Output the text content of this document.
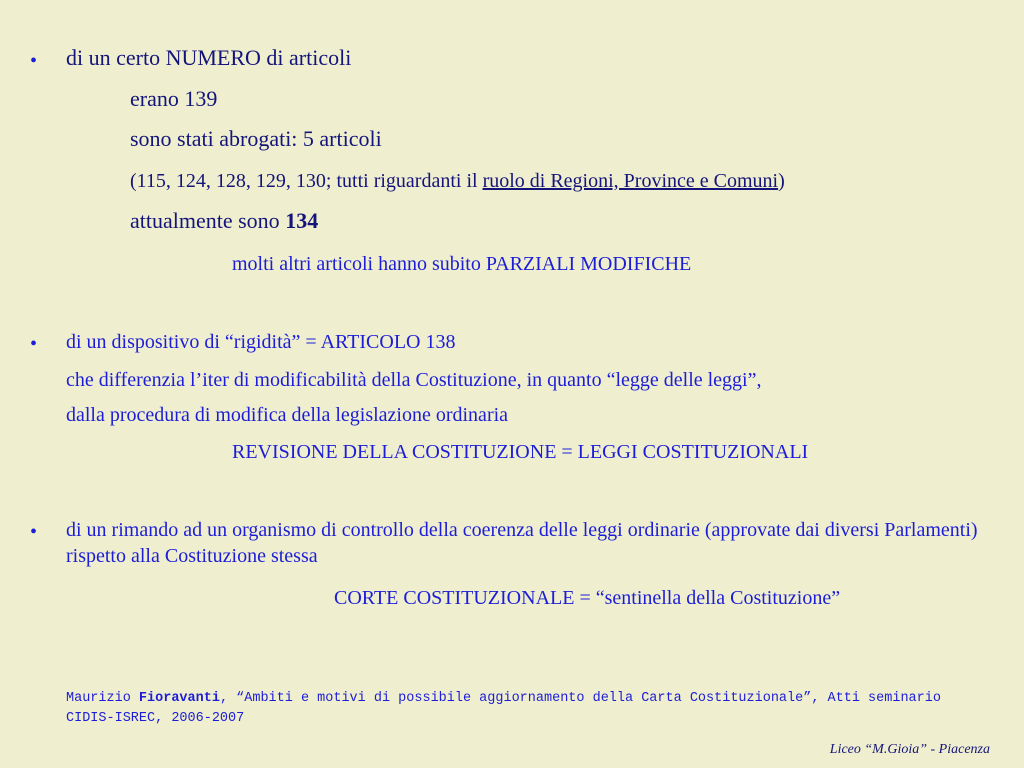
• di un certo NUMERO di articoli
erano 139
sono stati abrogati: 5 articoli
(115, 124, 128, 129, 130; tutti riguardanti il ruolo di Regioni, Province e Comuni)
attualmente sono 134
molti altri articoli hanno subito PARZIALI MODIFICHE
• di un dispositivo di “rigidità” = ARTICOLO 138
che differenzia l’iter di modificabilità della Costituzione, in quanto “legge delle leggi”,
dalla procedura di modifica della legislazione ordinaria
REVISIONE DELLA COSTITUZIONE = LEGGI COSTITUZIONALI
• di un rimando ad un organismo di controllo della coerenza delle leggi ordinarie (approvate dai diversi Parlamenti) rispetto alla Costituzione stessa
CORTE COSTITUZIONALE = “sentinella della Costituzione”
Maurizio Fioravanti, “Ambiti e motivi di possibile aggiornamento della Carta Costituzionale”, Atti seminario CIDIS-ISREC, 2006-2007
Liceo “M.Gioia” - Piacenza
